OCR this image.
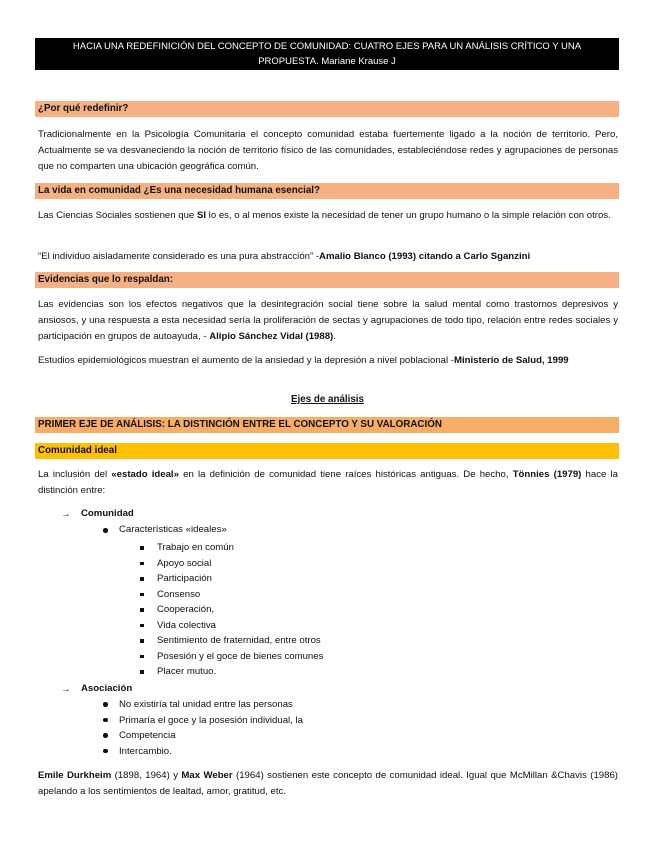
HACIA UNA REDEFINICIÓN DEL CONCEPTO DE COMUNIDAD: CUATRO EJES PARA UN ANÁLISIS CRÍTICO Y UNA
PROPUESTA. Mariane Krause J
¿Por qué redefinir?
Tradicionalmente en la Psicología Comunitaria el concepto comunidad estaba fuertemente ligado a la noción de territorio. Pero, Actualmente se va desvaneciendo la noción de territorio físico de las comunidades, estableciéndose redes y agrupaciones de personas que no comparten una ubicación geográfica común.
La vida en comunidad ¿Es una necesidad humana esencial?
Las Ciencias Sociales sostienen que SI lo es, o al menos existe la necesidad de tener un grupo humano o la simple relación con otros.
“El individuo aisladamente considerado es una pura abstracción” -Amalio Blanco (1993) citando a Carlo Sganzini
Evidencias que lo respaldan:
Las evidencias son los efectos negativos que la desintegración social tiene sobre la salud mental como trastornos depresivos y ansiosos, y una respuesta a esta necesidad sería la proliferación de sectas y agrupaciones de todo tipo, relación entre redes sociales y participación en grupos de autoayuda, - Alipio Sánchez Vidal (1988).
Estudios epidemiológicos muestran el aumento de la ansiedad y la depresión a nivel poblacional -Ministerio de Salud, 1999
Ejes de análisis
PRIMER EJE DE ANÁLISIS: LA DISTINCIÓN ENTRE EL CONCEPTO Y SU VALORACIÓN
Comunidad ideal
La inclusión del «estado ideal» en la definición de comunidad tiene raíces históricas antiguas. De hecho, Tönnies (1979) hace la distinción entre:
→ Comunidad
Características «ideales»
Trabajo en común
Apoyo social
Participación
Consenso
Cooperación,
Vida colectiva
Sentimiento de fraternidad, entre otros
Posesión y el goce de bienes comunes
Placer mutuo.
→ Asociación
No existiría tal unidad entre las personas
Primaría el goce y la posesión individual, la
Competencia
Intercambio.
Emile Durkheim (1898, 1964) y Max Weber (1964) sostienen este concepto de comunidad ideal. Igual que McMillan &Chavis (1986) apelando a los sentimientos de lealtad, amor, gratitud, etc.
